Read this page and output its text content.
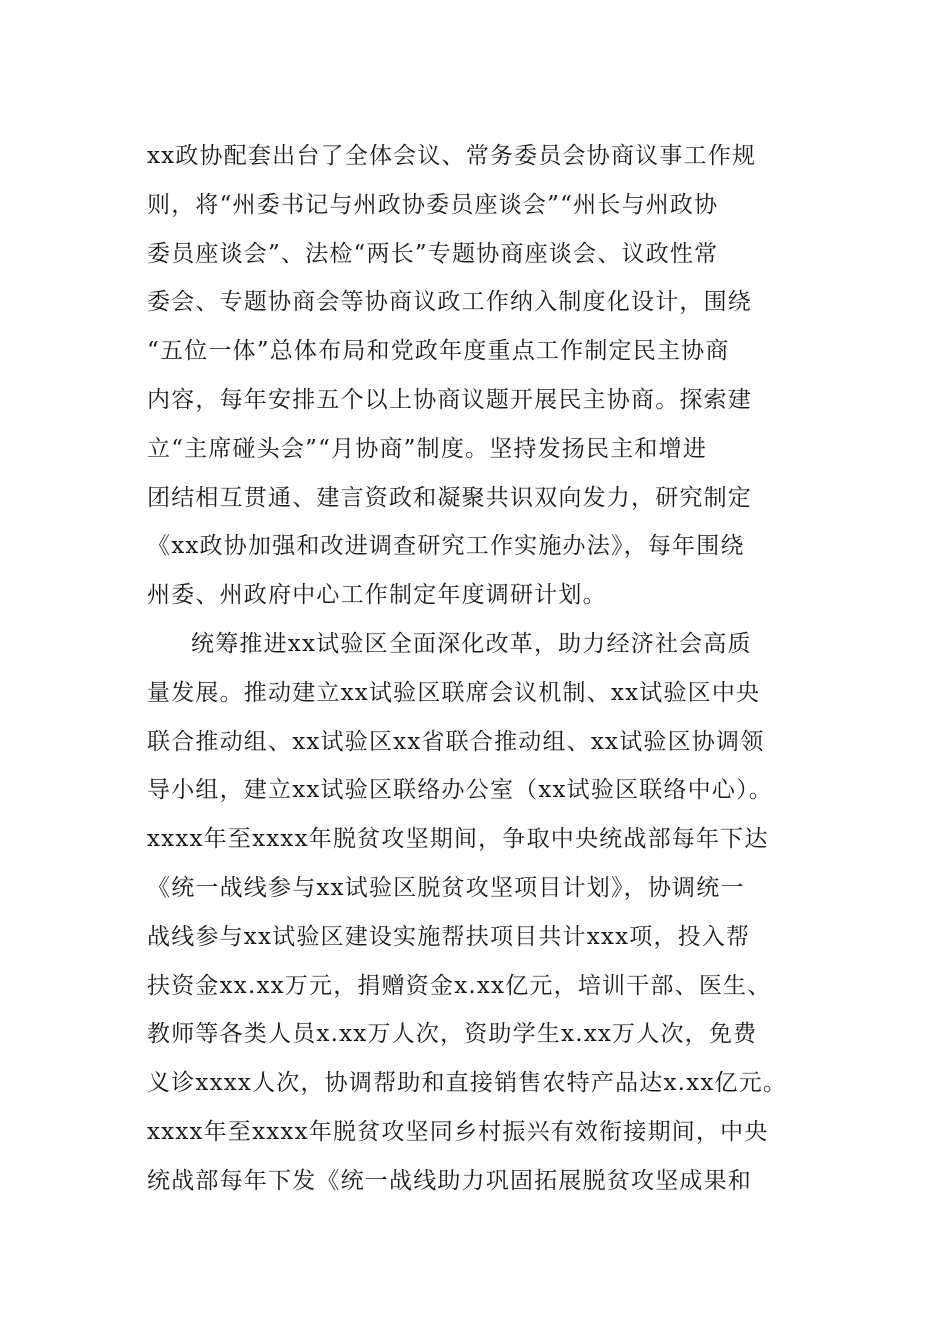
xx政协配套出台了全体会议、常务委员会协商议事工作规
则，将“州委书记与州政协委员座谈会”“州长与州政协
委员座谈会”、法检“两长”专题协商座谈会、议政性常
委会、专题协商会等协商议政工作纳入制度化设计，围绕
“五位一体”总体布局和党政年度重点工作制定民主协商
内容，每年安排五个以上协商议题开展民主协商。探索建
立“主席碰头会”“月协商”制度。坚持发扬民主和增进
团结相互贯通、建言资政和凝聚共识双向发力，研究制定
《xx政协加强和改进调查研究工作实施办法》，每年围绕
州委、州政府中心工作制定年度调研计划。
统筹推进xx试验区全面深化改革，助力经济社会高质
量发展。推动建立xx试验区联席会议机制、xx试验区中央
联合推动组、xx试验区xx省联合推动组、xx试验区协调领
导小组，建立xx试验区联络办公室（xx试验区联络中心）。
xxxx年至xxxx年脱贫攻坚期间，争取中央统战部每年下达
《统一战线参与xx试验区脱贫攻坚项目计划》，协调统一
战线参与xx试验区建设实施帮扶项目共计xxx项，投入帮
扶资金xx.xx万元，捐赠资金x.xx亿元，培训干部、医生、
教师等各类人员x.xx万人次，资助学生x.xx万人次，免费
义诊xxxx人次，协调帮助和直接销售农特产品达x.xx亿元。
xxxx年至xxxx年脱贫攻坚同乡村振兴有效衔接期间，中央
统战部每年下发《统一战线助力巩固拓展脱贫攻坚成果和
